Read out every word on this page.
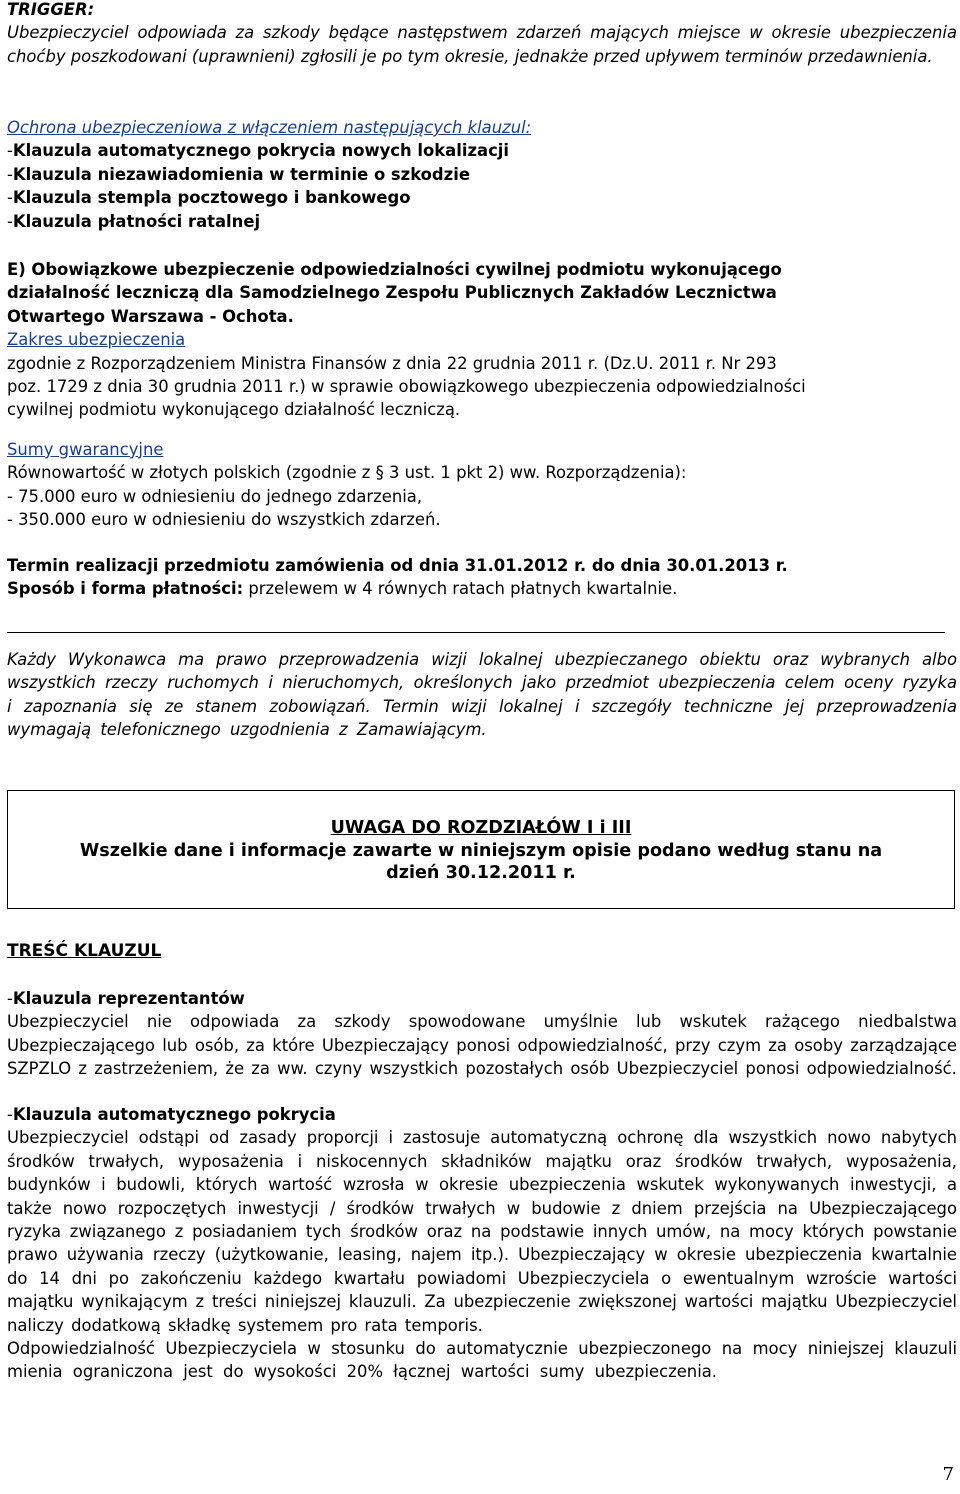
TRIGGER:

Ubezpieczyciel odpowiada za szkody będące następstwem zdarzeń mających miejsce w okresie ubezpieczenia choćby poszkodowani (uprawnieni) zgłosili je po tym okresie, jednakże przed upływem terminów przedawnienia.

Ochrona ubezpieczeniowa z włączeniem następujących klauzul:

-Klauzula automatycznego pokrycia nowych lokalizacji

-Klauzula niezawiadomienia w terminie o szkodzie

-Klauzula stempla pocztowego i bankowego

-Klauzula płatności ratalnej

E) Obowiązkowe ubezpieczenie odpowiedzialności cywilnej podmiotu wykonującego
działalność leczniczą dla Samodzielnego Zespołu Publicznych Zakładów Lecznictwa
Otwartego Warszawa - Ochota.

Zakres ubezpieczenia

zgodnie z Rozporządzeniem Ministra Finansów z dnia 22 grudnia 2011 r. (Dz.U. 2011 r. Nr 293
poz. 1729 z dnia 30 grudnia 2011 r.) w sprawie obowiązkowego ubezpieczenia odpowiedzialności
cywilnej podmiotu wykonującego działalność leczniczą.

Sumy gwarancyjne

Równowartość w złotych polskich (zgodnie z § 3 ust. 1 pkt 2) ww. Rozporządzenia):

- 75.000 euro w odniesieniu do jednego zdarzenia,

- 350.000 euro w odniesieniu do wszystkich zdarzeń.

Termin realizacji przedmiotu zamówienia od dnia 31.01.2012 r. do dnia 30.01.2013 r.

Sposób i forma płatności: przelewem w 4 równych ratach płatnych kwartalnie.

Każdy Wykonawca ma prawo przeprowadzenia wizji lokalnej ubezpieczanego obiektu oraz wybranych albo wszystkich rzeczy ruchomych i nieruchomych, określonych jako przedmiot ubezpieczenia celem oceny ryzyka i zapoznania się ze stanem zobowiązań. Termin wizji lokalnej i szczegóły techniczne jej przeprowadzenia wymagają telefonicznego uzgodnienia z Zamawiającym.

UWAGA DO ROZDZIAŁÓW I i III
Wszelkie dane i informacje zawarte w niniejszym opisie podano według stanu na
dzień 30.12.2011 r.

TREŚĆ KLAUZUL

-Klauzula reprezentantów

Ubezpieczyciel nie odpowiada za szkody spowodowane umyślnie lub wskutek rażącego niedbalstwa Ubezpieczającego lub osób, za które Ubezpieczający ponosi odpowiedzialność, przy czym za osoby zarządzające SZPZLO z zastrzeżeniem, że za ww. czyny wszystkich pozostałych osób Ubezpieczyciel ponosi odpowiedzialność.

-Klauzula automatycznego pokrycia

Ubezpieczyciel odstąpi od zasady proporcji i zastosuje automatyczną ochronę dla wszystkich nowo nabytych środków trwałych, wyposażenia i niskocennych składników majątku oraz środków trwałych, wyposażenia, budynków i budowli, których wartość wzrosła w okresie ubezpieczenia wskutek wykonywanych inwestycji, a także nowo rozpoczętych inwestycji / środków trwałych w budowie z dniem przejścia na Ubezpieczającego ryzyka związanego z posiadaniem tych środków oraz na podstawie innych umów, na mocy których powstanie prawo używania rzeczy (użytkowanie, leasing, najem itp.). Ubezpieczający w okresie ubezpieczenia kwartalnie do 14 dni po zakończeniu każdego kwartału powiadomi Ubezpieczyciela o ewentualnym wzroście wartości majątku wynikającym z treści niniejszej klauzuli. Za ubezpieczenie zwiększonej wartości majątku Ubezpieczyciel naliczy dodatkową składkę systemem pro rata temporis.

Odpowiedzialność Ubezpieczyciela w stosunku do automatycznie ubezpieczonego na mocy niniejszej klauzuli mienia ograniczona jest do wysokości 20% łącznej wartości sumy ubezpieczenia.

7
